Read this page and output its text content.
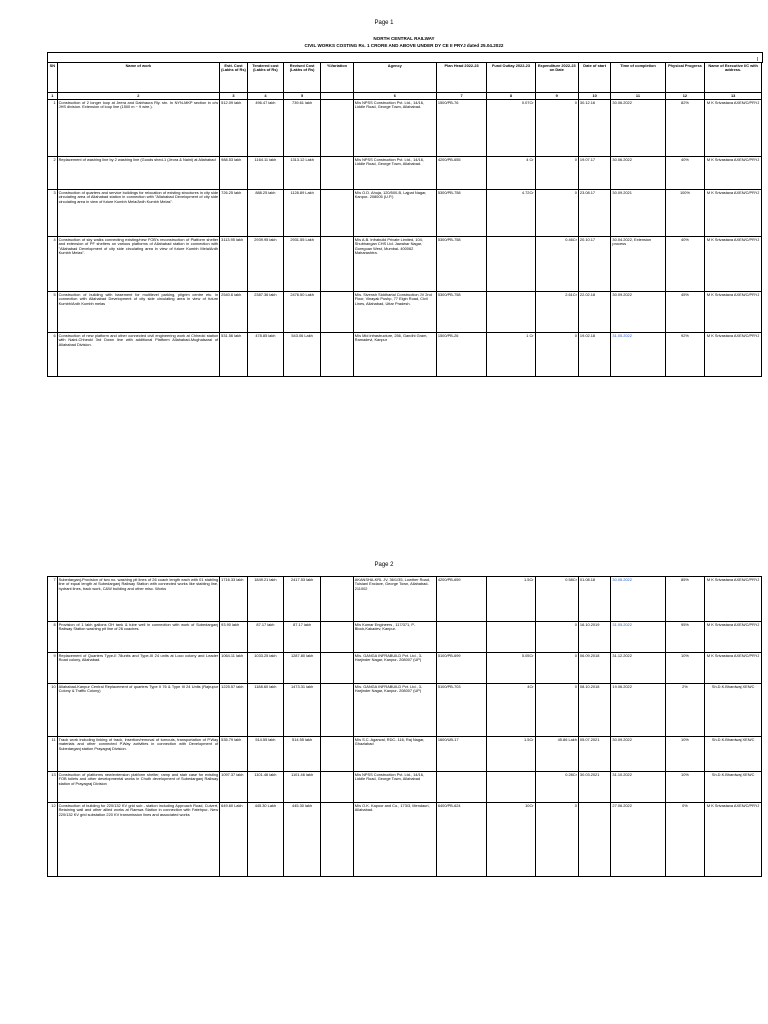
Page 1
NORTH CENTRAL RAILWAY
CIVIL WORKS COSTING Rs. 1 CRORE AND ABOVE UNDER DY CE II PRYJ dated 25.04.2022
I
SN	Name of work	Estt. Cost (Lakhs of Rs)	Tendered cost (Lakhs of Rs)	Revised Cost (Lakhs of Rs)	%Variation	Agency	Plan Head 2022-23	Fund Outlay 2022-23	Expenditure 2022-23 on Date	Date of start	Time of completion	Physical Progress	Name of Executive I/C with address.
1	2	3	4	5		6	7	8	9	10	11	12	13
1	Construction of 2 longer loop at Jeera and Dabhaura Rly. stn. In NYN-MKP section in c/w JHS division. Extension of loop line (1500 m ~ 9 wire.).	512.09 lakh	496.47 lakh	739.61 lakh		M/s NPSS Construction Pvt. Ltd., 14/16, Liddle Road, George Town, Allahabad.	1500/PB-76	0.07Cr	0	30.12.16	30.06.2022	82%	M K Srivastava AXEN/C/PRYJ
2	Replacement of washing line by 2 washing line (Goods shed-1 (Jeora & Naini) at Allahabad	988.53 lakh	1164.11 lakh	1313.12 Lakh		M/s NPSS Construction Pvt. Ltd., 14/16, Liddle Road, George Town, Allahabad.	4200/PB-655	4 Cr	0	19.07.17	30.06.2022	40%	M K Srivastava AXEN/C/PRYJ
3	Construction of quarters and service buildings for relocation of existing structures in city side circulating area of Allahabad station in connection with "Allahabad Development of city side circulating area in view of future Kumbh Mela/Ardh Kumbh Melas".	726.25 lakh	888.25 lakh	1128.89 Lakh		M/s O.D. Ahuja, 120/500-B, Lajpat Nagar, Kanpur- 208005 (U.P.)	5300/PB-758	4.72Cr	0	23.08.17	30.09.2021	100%	M K Srivastava AXEN/C/PRYJ
4	Construction of sky walks connecting existing/new FOB's reconstruction of Platform shelter and extension of PF shelters on various platforms of Allahabad station in connection with "Allahabad Development of city side circulating area in view of future Kumbh Mela/Ardh Kumbh Melas".	3113.95 lakh	2939.95 lakh	2931.55 Lakh		M/s A.B. Infrabuild Private Limited, 104, Shubhangan CHS Ltd. Jawahar Nagar, Goregoan West, Mumbai- 400062 Maharashtra.	5300/PB-758		0.46Cr	20.10.17	30.04.2022, Extension process	40%	M K Srivastava AXEN/C/PRYJ
5	Construction of building with basement for multilevel parking, pilgrim centre etc. in connection with Allahabad Development of city side circulating area in view of future Kumbh/Ardh Kumbh melas	2540.6 lakh	2387.36 lakh	2476.50 Lakh		M/s. Sivensh Siddhartal Construction JV 2nd Floor, Vinayak Pushp, 77 Elgin Road, Civil Lines, Allahabad, Uttar Pradesh.	5300/PB-758		2.61Cr	22.02.18	30.09.2022	45%	M K Srivastava AXEN/C/PRYJ
6	Construction of new platform and other connected civil engineering work at Chheoki station with Naini-Chheoki 3rd Down line with additional Platform Allahabad-Mughalsarai of Allahabad Division.	531.56 lakh	478.85 lakh	543.06 Lakh		M/s Mid infrastructure, 256, Gandhi Gram, Ramadevi, Kanpur	1500/PB-26	1 Cr	0	19.02.18	31.05.2022	92%	M K Srivastava AXEN/C/PRYJ
Page 2
7	Subedarganj-Provision of two no. washing pit lines of 26 coach length each with 01 stabling line of equal length at Subedarganj Railway Station with connected works like stabling line, hydrant lines, track work, C&W building and other misc. Works	1716.33 lakh	1849.21 lakh	2417.53 lakh		AKANSHA-KRL JV, 36/1/35, Lowther Road, Tulsiani Enclave, George Town, Allahabad-211002	4200/PB-659	1.5Cr	0.58Cr	01.08.18	30.05.2022	85%	M K Srivastava AXEN/C/PRYJ
8	Provision of 1 lakh gallons OH tank & tube well in connection with work of Subedarganj Railway Station washing pit line of 26 coaches.	93.90 lakh	87.17 lakh	87.17 lakh		M/s Kumar Engineers , 117/371, P-Block,Kakadev, Kanpur.			0	16.10.2019	31.05.2022	95%	M K Srivastava AXEN/C/PRYJ
9	Replacement of Quarters Type-II 78units and Type-III 24 units at Loco colony and Leader Road colony, Allahabad.	1064.11 lakh	1033.25 lakh	1287.80 lakh		M/s. GANGA INFRABUILD Pvt. Ltd., 3- Harjinder Nagar, Kanpur- 208007 (UP)	5100/PB-699	5.05Cr	0	06.09.2018	31.12.2022	10%	M K Srivastava AXEN/C/PRYJ
10	Allahabad-Kanpur Central Replacement of quarters Type II 76 & Type III 24 Units (Rajrupur Colony & Traffic Colony)	1225.57 lakh	1188.60 lakh	1473.31 lakh		M/s. GANGA INFRABUILD Pvt. Ltd., 3- Harjinder Nagar, Kanpur- 208007 (UP)	5100/PB-703	4Cr	0	08.10.2018	19.06.2022	2%	Sh.D.K.Bhardwaj XEN/C
11	Track work including linking of track, insertion/removal of turnouts, transportation of P.Way materials and other connected P.Way activities in connection with Development of Subedarganj station Prayagraj Division.	535.79 lakh	514.55 lakh	514.55 lakh		M/s S.C. Agarwal, RDC- 116, Raj Nagar, Ghaziabad	1600/UB-17	1.5Cr	45.86 Lakh	05.07.2021	30.09.2022	10%	Sh.D.K.Bhardwaj XEN/C
13	Construction of platforms new/extension platform shelter, ramp and stair case for existing FOB toilets and other developmental works in Chuth development of Subedarganj Railway station of Prayagraj Division	1097.37 lakh	1101.46 lakh	1101.46 lakh		M/s NPSS Construction Pvt. Ltd., 14/16, Liddle Road, George Town, Allahabad			0.28Cr	30.03.2021	31.10.2022	10%	Sh.D.K.Bhardwaj XEN/C
12	Construction of building for 220/132 KV grid sub - station including Approach Road, Culvert, Retaining wall and other allied works at Ramwa Station in connection with Fatehpur- New 220/132 KV grid substation 220 KV transmission lines and associated works	649.60 Lakh	445.30 Lakh	445.30 lakh		M/s O.K. Kapoor and Co., 173/3, Mendauri, Allahabad.	6400/PB-624	10Cr	0		27.06.2022	0%	M K Srivastava AXEN/C/PRYJ
